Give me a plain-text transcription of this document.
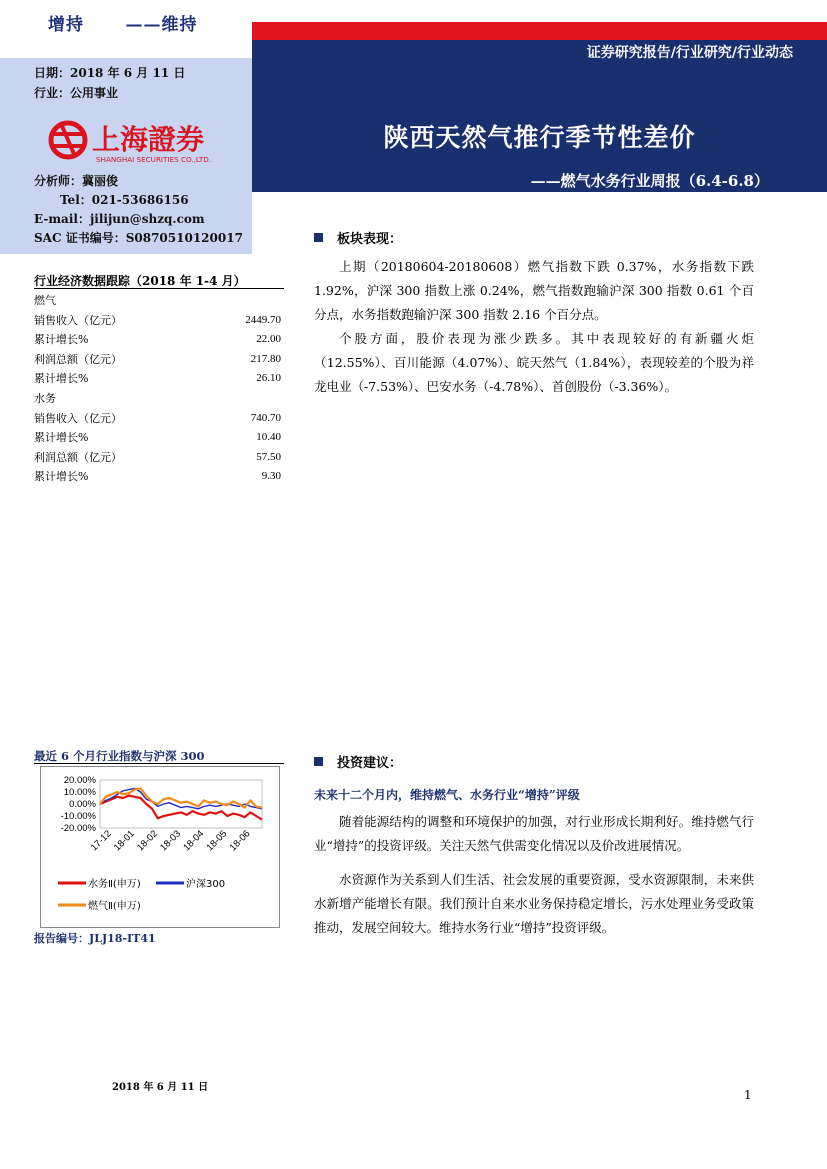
增持      ——维持
证券研究报告/行业研究/行业动态
陕西天然气推行季节性差价
——燃气水务行业周报（6.4-6.8）
日期：2018 年 6 月 11 日
行业：公用事业
上海證券
SHANGHAI SECURITIES CO.,LTD.
分析师：冀丽俊
Tel：021-53686156
E-mail：jilijun@shzq.com
SAC 证书编号：S0870510120017
行业经济数据跟踪（2018 年 1-4 月）
燃气
销售收入（亿元）	2449.70
累计增长%	22.00
利润总额（亿元）	217.80
累计增长%	26.10
水务
销售收入（亿元）	740.70
累计增长%	10.40
利润总额（亿元）	57.50
累计增长%	9.30
最近 6 个月行业指数与沪深 300
20.00%
10.00%
0.00%
-10.00%
-20.00%
17-12
18-01
18-02
18-03
18-04
18-05
18-06
水务Ⅱ(申万)	沪深300
燃气Ⅱ(申万)
报告编号：JLJ18-IT41
板块表现：

上期（20180604-20180608）燃气指数下跌 0.37%，水务指数下跌 1.92%，沪深 300 指数上涨 0.24%，燃气指数跑输沪深 300 指数 0.61 个百分点，水务指数跑输沪深 300 指数 2.16 个百分点。

个股方面，股价表现为涨少跌多。其中表现较好的有新疆火炬（12.55%）、百川能源（4.07%）、皖天然气（1.84%），表现较差的个股为祥龙电业（-7.53%）、巴安水务（-4.78%）、首创股份（-3.36%）。

投资建议：
未来十二个月内，维持燃气、水务行业“增持”评级

随着能源结构的调整和环境保护的加强，对行业形成长期利好。维持燃气行业“增持”的投资评级。关注天然气供需变化情况以及价改进展情况。

水资源作为关系到人们生活、社会发展的重要资源，受水资源限制，未来供水新增产能增长有限。我们预计自来水业务保持稳定增长，污水处理业务受政策推动，发展空间较大。维持水务行业“增持”投资评级。

2018 年 6 月 11 日
1
